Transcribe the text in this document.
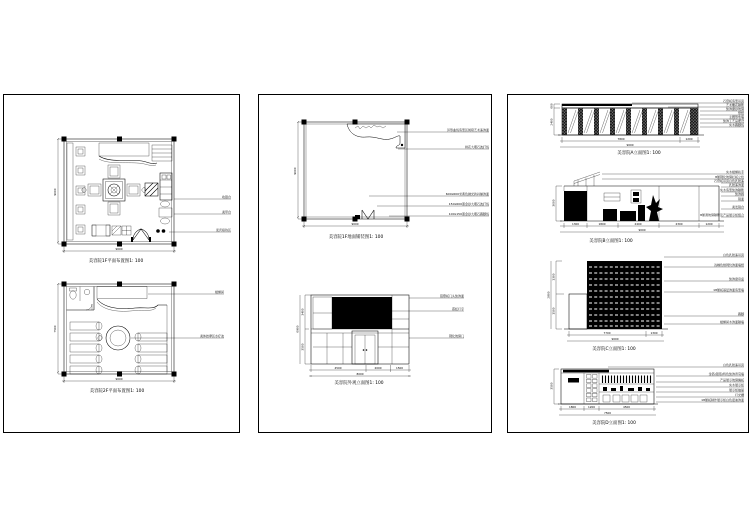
收银台
美甲台
迎宾接待区
9000
9000
美容院1F平面布置图1: 100
楼梯间
美体按摩区水疗池
9000
7500
美容院2F平面布置图1: 100
异形曲线造型区斑驳艺术漆饰面
拼花大理石波打线
600x600米黄色抛光砖斜铺饰面
150x600黑金砂大理石波打线
100x150黑金砂大理石踢脚线
9000
9000
美容院1F地面铺装图1: 100
铝塑板门头装饰面
霓虹灯字
钢化玻璃门
4500	2000	1500
8000
3400
3500
6900
美容院外观立面图1: 100
石膏板造型吊顶
艺术雕花隔断
装饰磨砂玻璃
壁纸
主题形象墙
装饰工艺品摆设
实木踢脚线
600
2400
7800	1200
9000
美容院A立面图1: 100
实木楼梯扶手
8厘钢化玻璃栏板立柱
石膏板吊顶白色乳胶漆
乳胶漆饰面
实木造型装饰隔断
装饰画
镜面
美发镜台
8厘清玻璃隔断及产品展示柜组合
1300	1800	2400	2300	1200
9000
3000
美容院B立面图1: 100
白色乳胶漆吊顶
浅咖色细网纹饰面墙纸
装饰窗帘盒
18厘板基层饰面造型墙
踢脚
楼梯间木饰面隔墙
1300
1500
2800
7700	1300
9000
美容院C立面图1: 100
白色乳胶漆吊顶
金箔(银箔)特色装饰背景墙
产品展示玻璃搁板
实木展示柜
展示柜抽屉
灯光槽
18厘板制作展示柜白色混油饰面
1800	1200	4500
7500
3500
美容院D立面图1: 100
